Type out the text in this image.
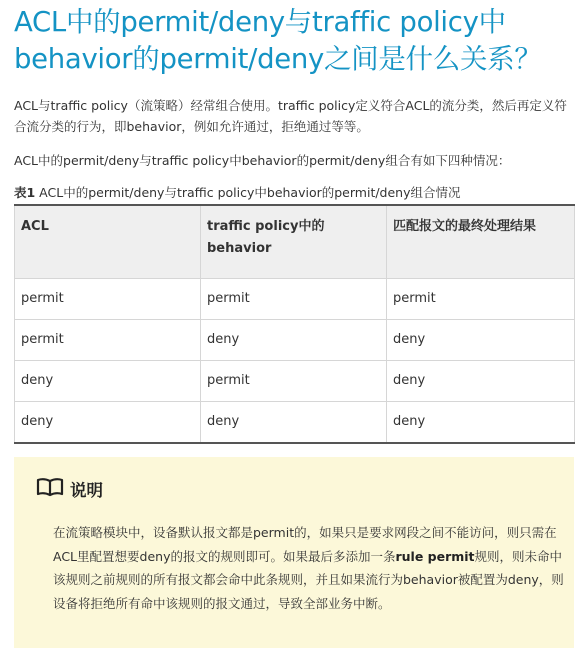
ACL中的permit/deny与traffic policy中behavior的permit/deny之间是什么关系？

ACL与traffic policy（流策略）经常组合使用。traffic policy定义符合ACL的流分类，然后再定义符合流分类的行为，即behavior，例如允许通过，拒绝通过等等。

ACL中的permit/deny与traffic policy中behavior的permit/deny组合有如下四种情况：

表1 ACL中的permit/deny与traffic policy中behavior的permit/deny组合情况
ACL	traffic policy中的behavior	匹配报文的最终处理结果
permit	permit	permit
permit	deny	deny
deny	permit	deny
deny	deny	deny
说明
在流策略模块中，设备默认报文都是permit的，如果只是要求网段之间不能访问，则只需在ACL里配置想要deny的报文的规则即可。如果最后多添加一条rule permit规则，则未命中该规则之前规则的所有报文都会命中此条规则，并且如果流行为behavior被配置为deny，则设备将拒绝所有命中该规则的报文通过，导致全部业务中断。
